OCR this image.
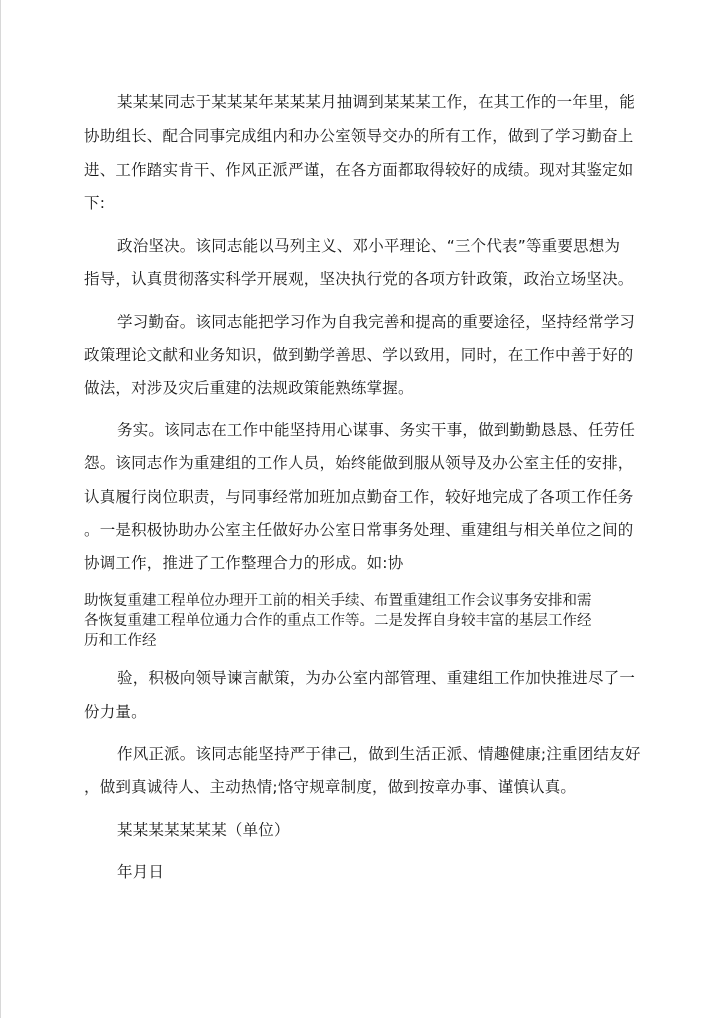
某某某同志于某某某年某某某月抽调到某某某工作，在其工作的一年里，能
协助组长、配合同事完成组内和办公室领导交办的所有工作，做到了学习勤奋上
进、工作踏实肯干、作风正派严谨，在各方面都取得较好的成绩。现对其鉴定如
下:
政治坚决。该同志能以马列主义、邓小平理论、“三个代表”等重要思想为
指导，认真贯彻落实科学开展观，坚决执行党的各项方针政策，政治立场坚决。
学习勤奋。该同志能把学习作为自我完善和提高的重要途径，坚持经常学习
政策理论文献和业务知识，做到勤学善思、学以致用，同时，在工作中善于好的
做法，对涉及灾后重建的法规政策能熟练掌握。
务实。该同志在工作中能坚持用心谋事、务实干事，做到勤勤恳恳、任劳任
怨。该同志作为重建组的工作人员，始终能做到服从领导及办公室主任的安排，
认真履行岗位职责，与同事经常加班加点勤奋工作，较好地完成了各项工作任务
。一是积极协助办公室主任做好办公室日常事务处理、重建组与相关单位之间的
协调工作，推进了工作整理合力的形成。如:协
助恢复重建工程单位办理开工前的相关手续、布置重建组工作会议事务安排和需
各恢复重建工程单位通力合作的重点工作等。二是发挥自身较丰富的基层工作经
历和工作经
验，积极向领导谏言献策，为办公室内部管理、重建组工作加快推进尽了一
份力量。
作风正派。该同志能坚持严于律己，做到生活正派、情趣健康;注重团结友好
，做到真诚待人、主动热情;恪守规章制度，做到按章办事、谨慎认真。
某某某某某某某（单位）
年月日
